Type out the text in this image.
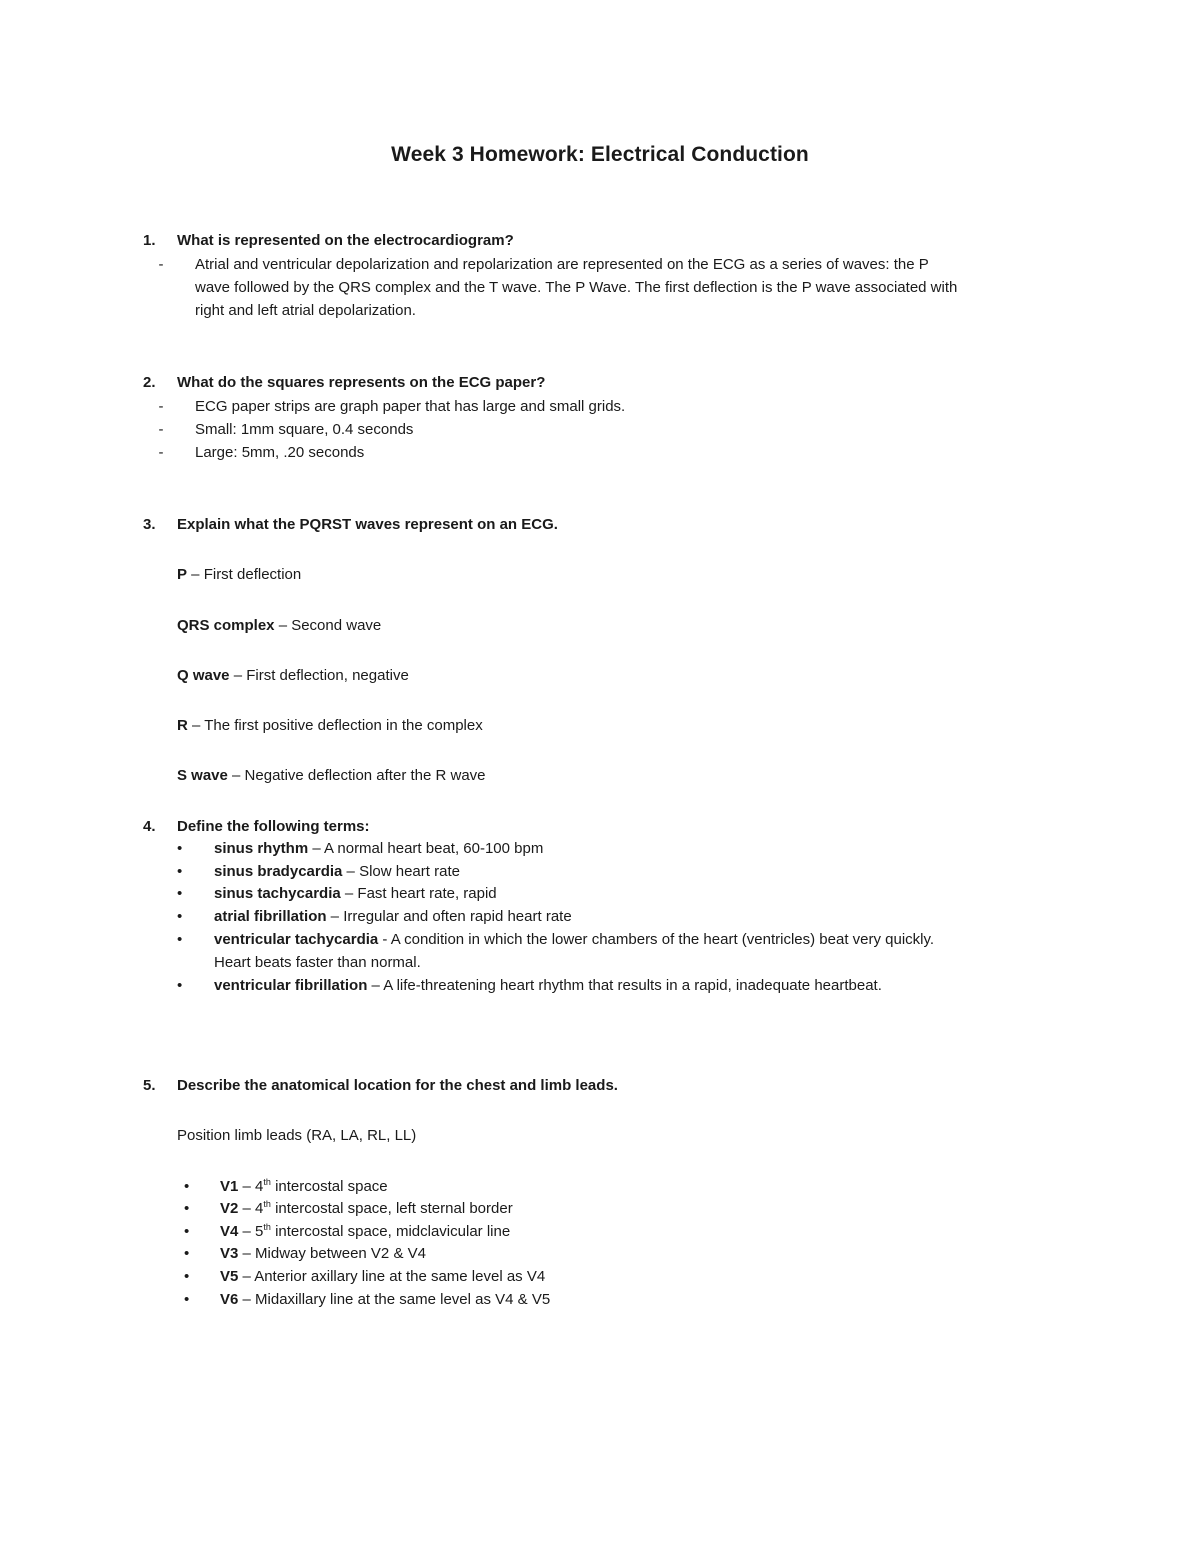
Week 3 Homework: Electrical Conduction
1. What is represented on the electrocardiogram?
- Atrial and ventricular depolarization and repolarization are represented on the ECG as a series of waves: the P
wave followed by the QRS complex and the T wave. The P Wave. The first deflection is the P wave associated with
right and left atrial depolarization.
2. What do the squares represents on the ECG paper?
- ECG paper strips are graph paper that has large and small grids.
- Small: 1mm square, 0.4 seconds
- Large: 5mm, .20 seconds
3. Explain what the PQRST waves represent on an ECG.
P – First deflection
QRS complex – Second wave
Q wave – First deflection, negative
R – The first positive deflection in the complex
S wave – Negative deflection after the R wave
4. Define the following terms:
• sinus rhythm – A normal heart beat, 60-100 bpm
• sinus bradycardia – Slow heart rate
• sinus tachycardia – Fast heart rate, rapid
• atrial fibrillation – Irregular and often rapid heart rate
• ventricular tachycardia - A condition in which the lower chambers of the heart (ventricles) beat very quickly.
Heart beats faster than normal.
• ventricular fibrillation – A life-threatening heart rhythm that results in a rapid, inadequate heartbeat.
5. Describe the anatomical location for the chest and limb leads.
Position limb leads (RA, LA, RL, LL)
• V1 – 4th intercostal space
• V2 – 4th intercostal space, left sternal border
• V4 – 5th intercostal space, midclavicular line
• V3 – Midway between V2 & V4
• V5 – Anterior axillary line at the same level as V4
• V6 – Midaxillary line at the same level as V4 & V5
